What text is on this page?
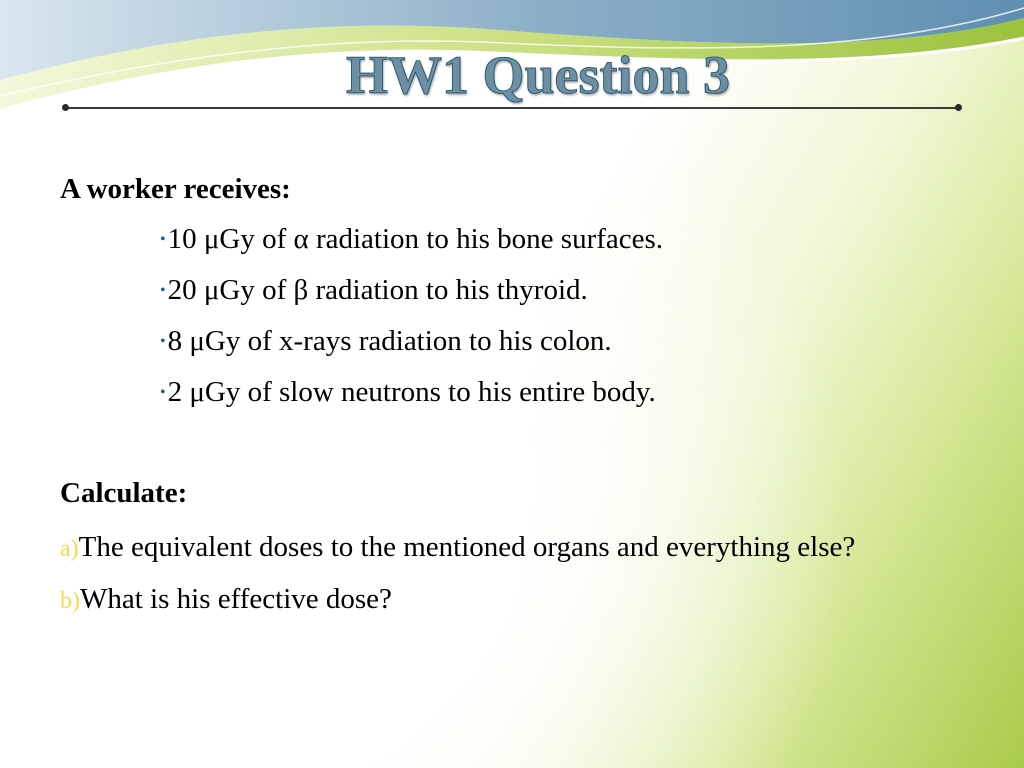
HW1 Question 3

A worker receives:

•10 μGy of α radiation to his bone surfaces.
•20 μGy of β radiation to his thyroid.
•8 μGy of x-rays radiation to his colon.
•2 μGy of slow neutrons to his entire body.

Calculate:

a)The equivalent doses to the mentioned organs and everything else?
b)What is his effective dose?
